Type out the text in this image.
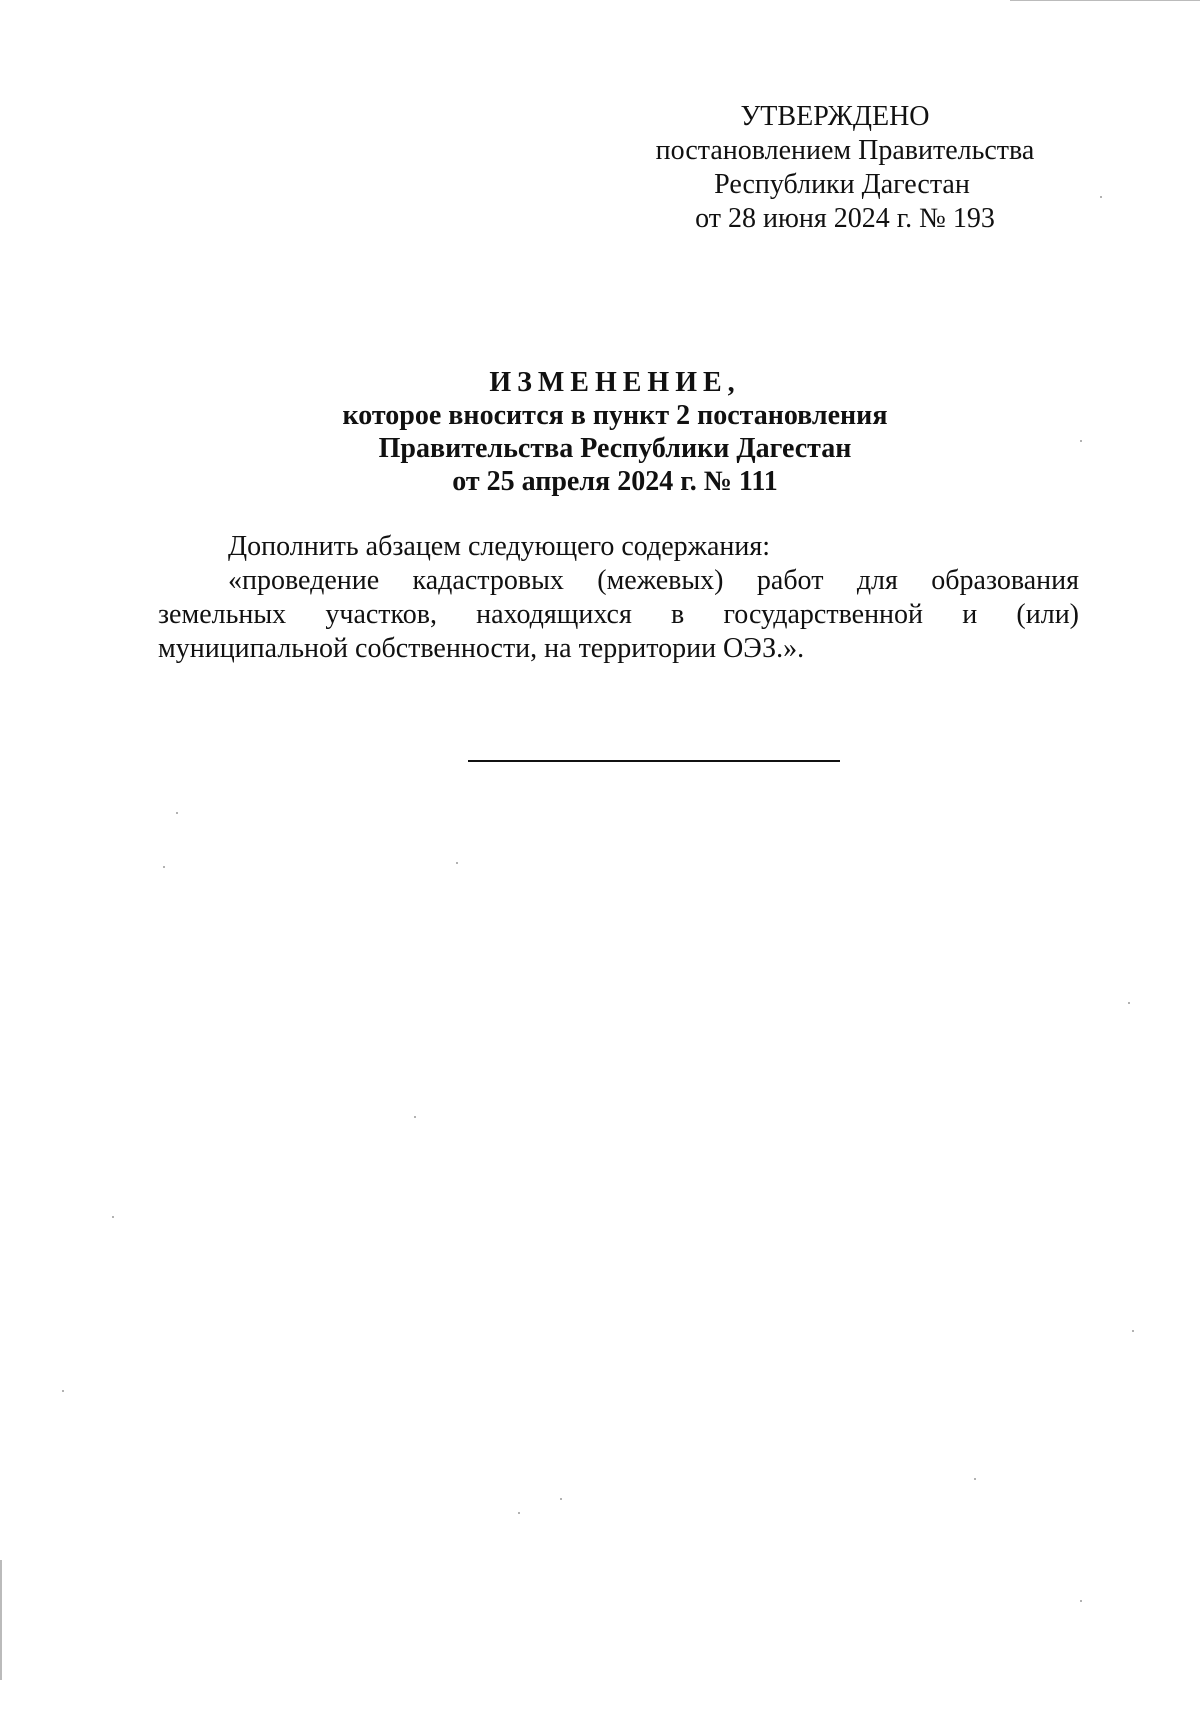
УТВЕРЖДЕНО
постановлением Правительства
Республики Дагестан
от 28 июня 2024 г. № 193
ИЗМЕНЕНИЕ,
которое вносится в пункт 2 постановления
Правительства Республики Дагестан
от 25 апреля 2024 г. № 111

Дополнить абзацем следующего содержания:

«проведение кадастровых (межевых) работ для образования
земельных участков, находящихся в государственной и (или)
муниципальной собственности, на территории ОЭЗ.».
